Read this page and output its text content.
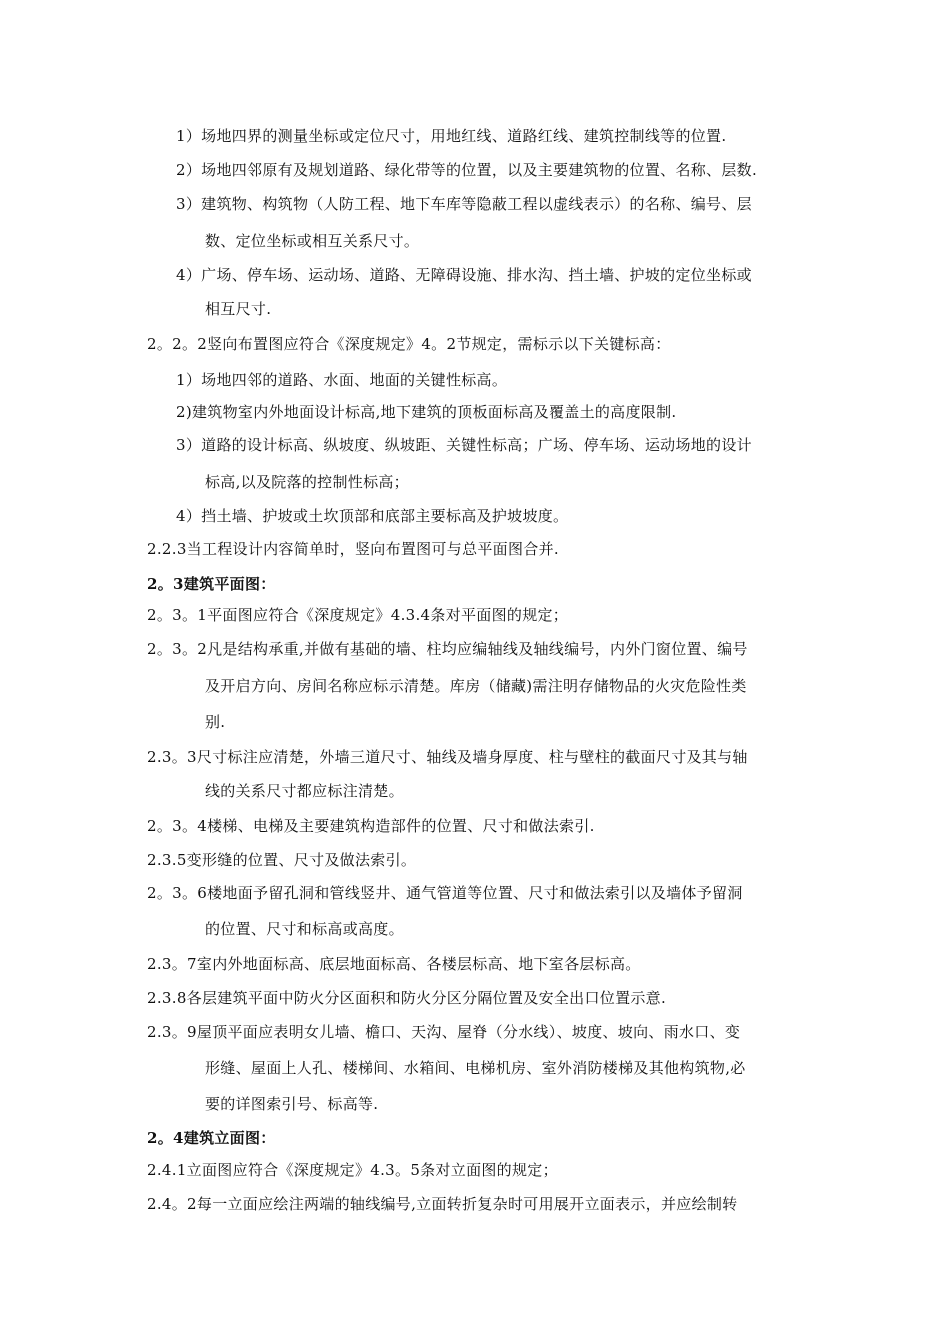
1）场地四界的测量坐标或定位尺寸，用地红线、道路红线、建筑控制线等的位置.
2）场地四邻原有及规划道路、绿化带等的位置，以及主要建筑物的位置、名称、层数.
3）建筑物、构筑物（人防工程、地下车库等隐蔽工程以虚线表示）的名称、编号、层
数、定位坐标或相互关系尺寸。
4）广场、停车场、运动场、道路、无障碍设施、排水沟、挡土墙、护坡的定位坐标或
相互尺寸.
2。2。2竖向布置图应符合《深度规定》4。2节规定，需标示以下关键标高：
1）场地四邻的道路、水面、地面的关键性标高。
2)建筑物室内外地面设计标高,地下建筑的顶板面标高及覆盖土的高度限制.
3）道路的设计标高、纵坡度、纵坡距、关键性标高；广场、停车场、运动场地的设计
标高,以及院落的控制性标高；
4）挡土墙、护坡或土坎顶部和底部主要标高及护坡坡度。
2.2.3当工程设计内容简单时，竖向布置图可与总平面图合并.
2。3建筑平面图：
2。3。1平面图应符合《深度规定》4.3.4条对平面图的规定；
2。3。2凡是结构承重,并做有基础的墙、柱均应编轴线及轴线编号，内外门窗位置、编号
及开启方向、房间名称应标示清楚。库房（储藏)需注明存储物品的火灾危险性类
别.
2.3。3尺寸标注应清楚，外墙三道尺寸、轴线及墙身厚度、柱与壁柱的截面尺寸及其与轴
线的关系尺寸都应标注清楚。
2。3。4楼梯、电梯及主要建筑构造部件的位置、尺寸和做法索引.
2.3.5变形缝的位置、尺寸及做法索引。
2。3。6楼地面予留孔洞和管线竖井、通气管道等位置、尺寸和做法索引以及墙体予留洞
的位置、尺寸和标高或高度。
2.3。7室内外地面标高、底层地面标高、各楼层标高、地下室各层标高。
2.3.8各层建筑平面中防火分区面积和防火分区分隔位置及安全出口位置示意.
2.3。9屋顶平面应表明女儿墙、檐口、天沟、屋脊（分水线）、坡度、坡向、雨水口、变
形缝、屋面上人孔、楼梯间、水箱间、电梯机房、室外消防楼梯及其他构筑物,必
要的详图索引号、标高等.
2。4建筑立面图：
2.4.1立面图应符合《深度规定》4.3。5条对立面图的规定；
2.4。2每一立面应绘注两端的轴线编号,立面转折复杂时可用展开立面表示，并应绘制转
